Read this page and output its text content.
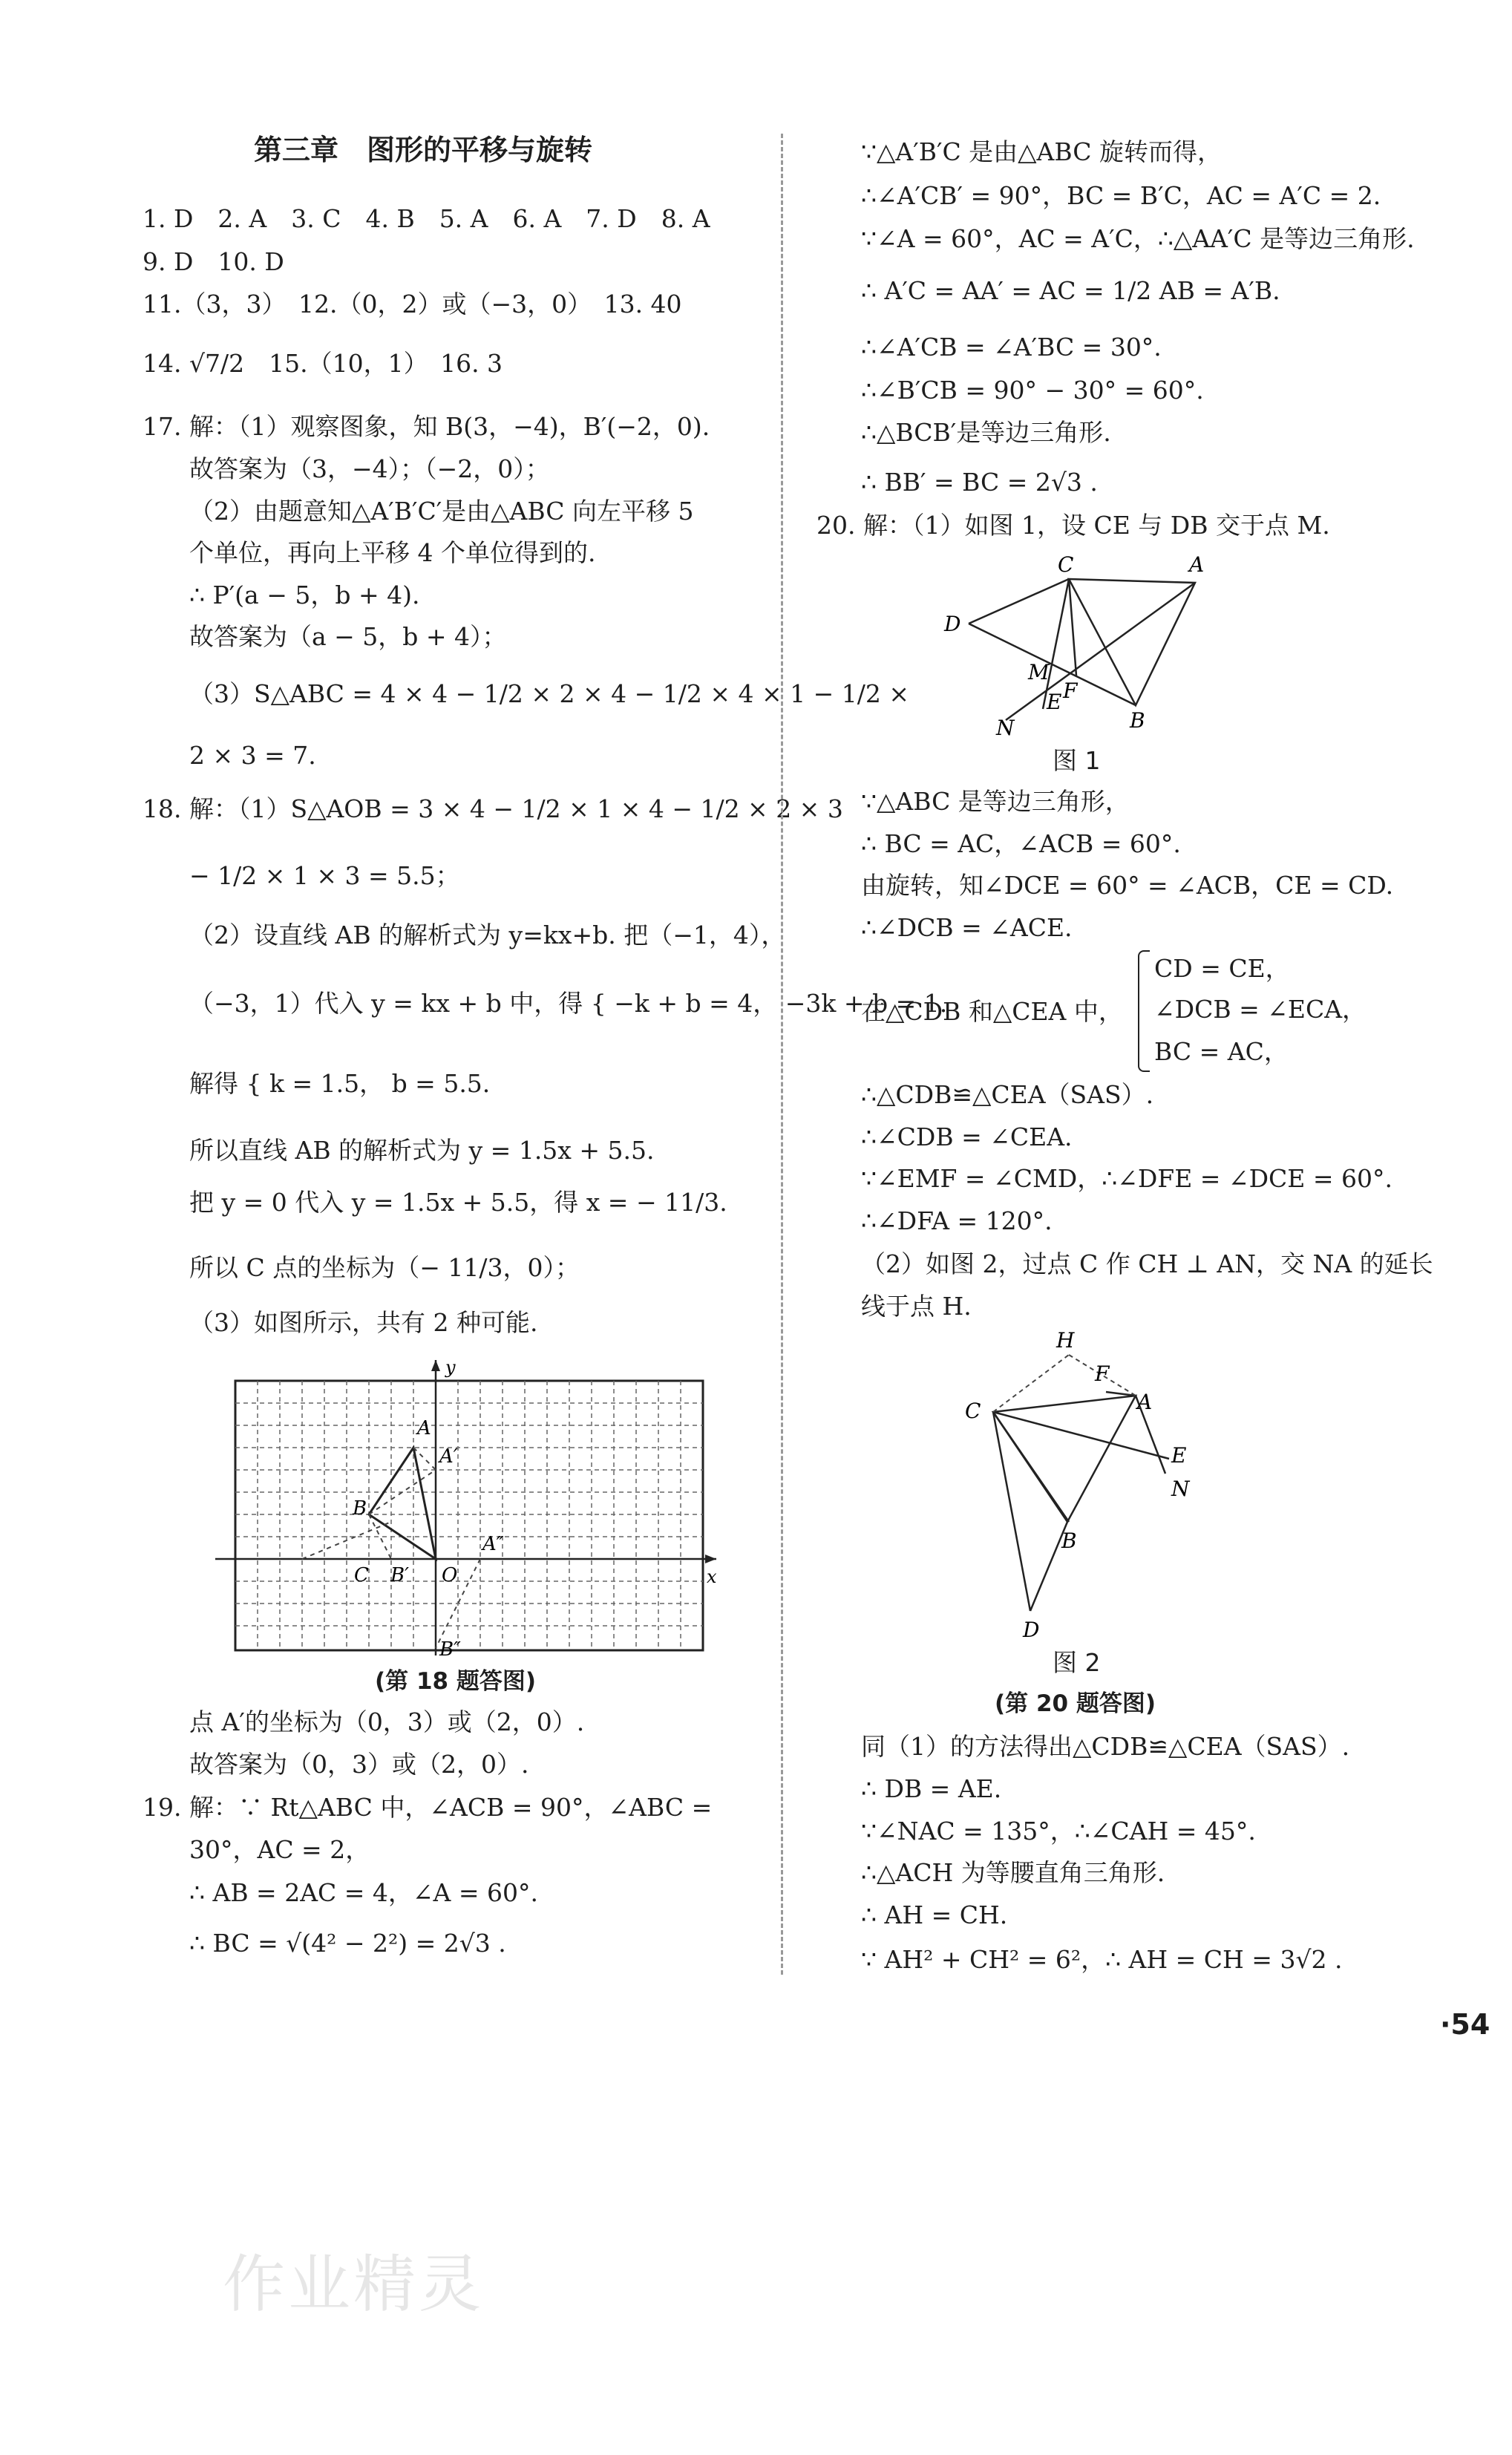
第三章　图形的平移与旋转
1. D　2. A　3. C　4. B　5. A　6. A　7. D　8. A
9. D　10. D
11.（3，3）　12.（0，2）或（−3，0）　13. 40
14. √7/2　15.（10，1）　16. 3
17. 解：（1）观察图象，知 B(3，−4)，B′(−2，0).
故答案为（3，−4）；（−2，0）；
（2）由题意知△A′B′C′是由△ABC 向左平移 5
个单位，再向上平移 4 个单位得到的.
∴ P′(a − 5，b + 4).
故答案为（a − 5，b + 4）；
（3）S△ABC = 4 × 4 − 1/2 × 2 × 4 − 1/2 × 4 × 1 − 1/2 ×
2 × 3 = 7.
18. 解：（1）S△AOB = 3 × 4 − 1/2 × 1 × 4 − 1/2 × 2 × 3
− 1/2 × 1 × 3 = 5.5；
（2）设直线 AB 的解析式为 y=kx+b. 把（−1，4），
（−3，1）代入 y = kx + b 中，得 { −k + b = 4， −3k + b = 1.
解得 { k = 1.5， b = 5.5.
所以直线 AB 的解析式为 y = 1.5x + 5.5.
把 y = 0 代入 y = 1.5x + 5.5，得 x = − 11/3.
所以 C 点的坐标为（− 11/3，0）；
（3）如图所示，共有 2 种可能.
y
x
A
A′
A″
B
B′
B″
C	O
(第 18 题答图)
点 A′的坐标为（0，3）或（2，0）.
故答案为（0，3）或（2，0）.
19. 解：∵ Rt△ABC 中，∠ACB = 90°，∠ABC =
30°，AC = 2，
∴ AB = 2AC = 4，∠A = 60°.
∴ BC = √(4² − 2²) = 2√3 .
∵△A′B′C 是由△ABC 旋转而得，
∴∠A′CB′ = 90°，BC = B′C，AC = A′C = 2.
∵∠A = 60°，AC = A′C，∴△AA′C 是等边三角形.
∴ A′C = AA′ = AC = 1/2 AB = A′B.
∴∠A′CB = ∠A′BC = 30°.
∴∠B′CB = 90° − 30° = 60°.
∴△BCB′是等边三角形.
∴ BB′ = BC = 2√3 .
20. 解：（1）如图 1，设 CE 与 DB 交于点 M.
C	A
D
M
E F
B
N
图 1
∵△ABC 是等边三角形，
∴ BC = AC，∠ACB = 60°.
由旋转，知∠DCE = 60° = ∠ACB，CE = CD.
∴∠DCB = ∠ACE.
在△CDB 和△CEA 中，
CD = CE，
∠DCB = ∠ECA，
BC = AC，
∴△CDB≌△CEA（SAS）.
∴∠CDB = ∠CEA.
∵∠EMF = ∠CMD，∴∠DFE = ∠DCE = 60°.
∴∠DFA = 120°.
（2）如图 2，过点 C 作 CH ⊥ AN，交 NA 的延长
线于点 H.
H
F
C	A
E
N
B
D
图 2
(第 20 题答图)
同（1）的方法得出△CDB≌△CEA（SAS）.
∴ DB = AE.
∵∠NAC = 135°，∴∠CAH = 45°.
∴△ACH 为等腰直角三角形.
∴ AH = CH.
∵ AH² + CH² = 6²，∴ AH = CH = 3√2 .
·54
作业精灵
